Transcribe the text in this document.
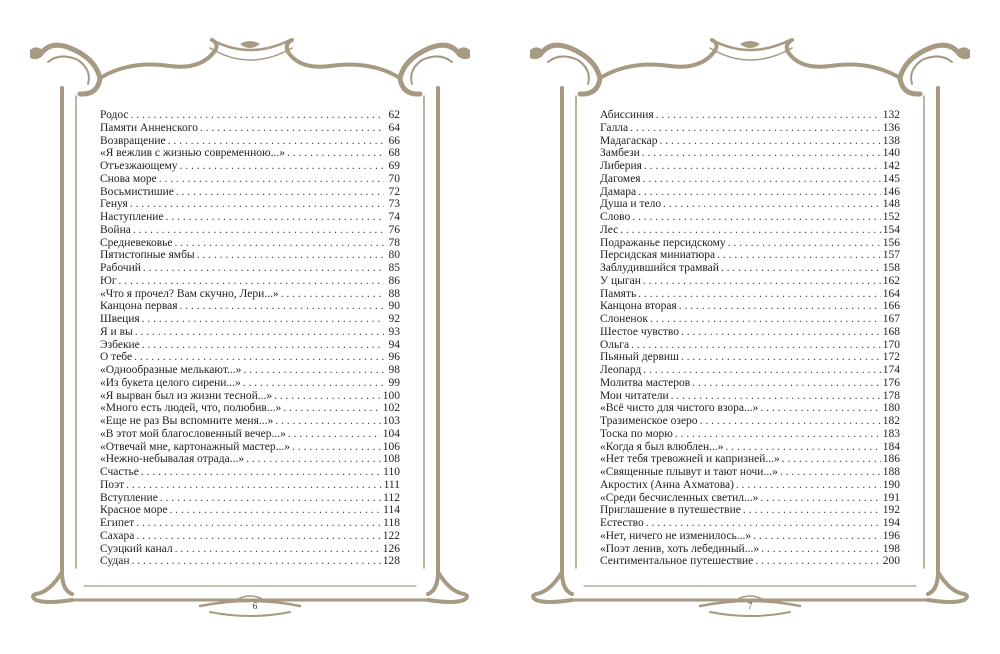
Родос . . .	62
Памяти Анненского . . .	64
Возвращение . . .	66
«Я вежлив с жизнью современною...» . . .	68
Отъезжающему . . .	69
Снова море . . .	70
Восьмистишие . . .	72
Генуя . . .	73
Наступление . . .	74
Война . . .	76
Средневековье . . .	78
Пятистопные ямбы . . .	80
Рабочий . . .	85
Юг . . .	86
«Что я прочел? Вам скучно, Лери...» . . .	88
Канцона первая . . .	90
Швеция . . .	92
Я и вы . . .	93
Эзбекие . . .	94
О тебе . . .	96
«Однообразные мелькают...» . . .	98
«Из букета целого сирени...» . . .	99
«Я вырван был из жизни тесной...» . . .	100
«Много есть людей, что, полюбив...» . . .	102
«Еще не раз Вы вспомните меня...» . . .	103
«В этот мой благословенный вечер...» . . .	104
«Отвечай мне, картонажный мастер...» . . .	106
«Нежно-небывалая отрада...» . . .	108
Счастье . . .	110
Поэт . . .	111
Вступление . . .	112
Красное море . . .	114
Египет . . .	118
Сахара . . .	122
Суэцкий канал . . .	126
Судан . . .	128
6
Абиссиния . . .	132
Галла . . .	136
Мадагаскар . . .	138
Замбези . . .	140
Либерия . . .	142
Дагомея . . .	145
Дамара . . .	146
Душа и тело . . .	148
Слово . . .	152
Лес . . .	154
Подражанье персидскому . . .	156
Персидская миниатюра . . .	157
Заблудившийся трамвай . . .	158
У цыган . . .	162
Память . . .	164
Канцона вторая . . .	166
Слоненок . . .	167
Шестое чувство . . .	168
Ольга . . .	170
Пьяный дервиш . . .	172
Леопард . . .	174
Молитва мастеров . . .	176
Мои читатели . . .	178
«Всё чисто для чистого взора...» . . .	180
Тразименское озеро . . .	182
Тоска по морю . . .	183
«Когда я был влюблен...» . . .	184
«Нет тебя тревожней и капризней...» . . .	186
«Священные плывут и тают ночи...» . . .	188
Акростих (Анна Ахматова) . . .	190
«Среди бесчисленных светил...» . . .	191
Приглашение в путешествие . . .	192
Естество . . .	194
«Нет, ничего не изменилось...» . . .	196
«Поэт ленив, хоть лебединый...» . . .	198
Сентиментальное путешествие . . .	200
7
